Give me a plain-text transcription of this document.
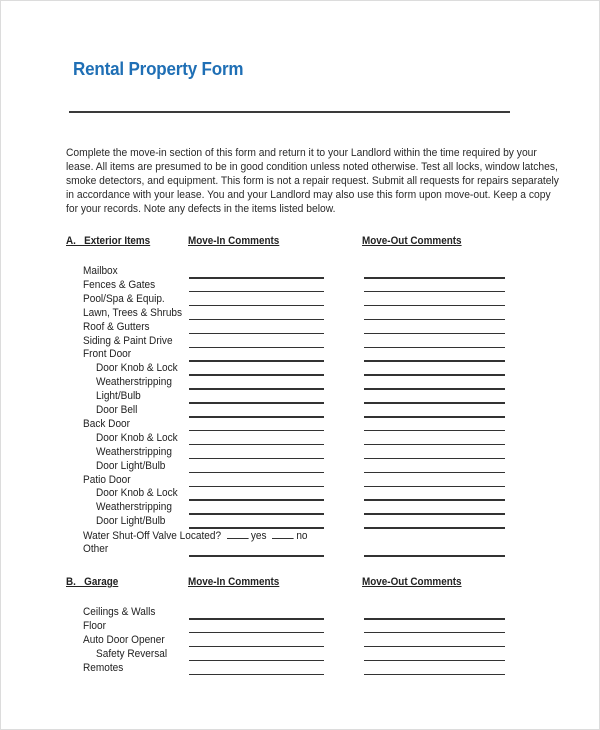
Rental Property Form

Complete the move-in section of this form and return it to your Landlord within the time required by your

lease. All items are presumed to be in good condition unless noted otherwise. Test all locks, window latches,

smoke detectors, and equipment. This form is not a repair request. Submit all requests for repairs separately

in accordance with your lease. You and your Landlord may also use this form upon move-out. Keep a copy

for your records. Note any defects in the items listed below.

A.   Exterior Items	Move-In Comments	Move-Out Comments
Mailbox
Fences & Gates
Pool/Spa & Equip.
Lawn, Trees & Shrubs
Roof & Gutters
Siding & Paint Drive
Front Door
Door Knob & Lock
Weatherstripping
Light/Bulb
Door Bell
Back Door
Door Knob & Lock
Weatherstripping
Door Light/Bulb
Patio Door
Door Knob & Lock
Weatherstripping
Door Light/Bulb
Water Shut-Off Valve Located?	yes	no
Other
B.   Garage	Move-In Comments	Move-Out Comments
Ceilings & Walls
Floor
Auto Door Opener
Safety Reversal
Remotes
